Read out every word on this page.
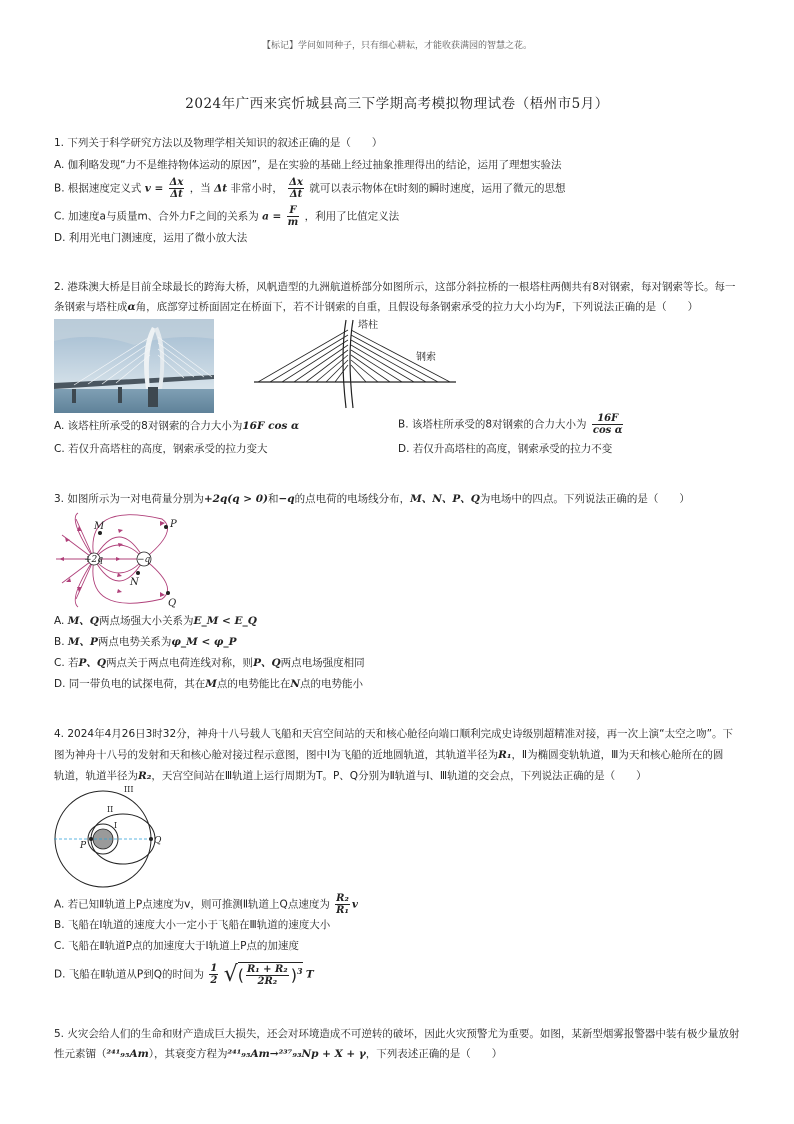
【标记】学问如同种子，只有细心耕耘，才能收获满园的智慧之花。
2024年广西来宾忻城县高三下学期高考模拟物理试卷（梧州市5月）
1. 下列关于科学研究方法以及物理学相关知识的叙述正确的是（　　）
A. 伽利略发现“力不是维持物体运动的原因”，是在实验的基础上经过抽象推理得出的结论，运用了理想实验法
B. 根据速度定义式 $v = \frac{\Delta x}{\Delta t}$ ，当 Δt 非常小时， $\frac{\Delta x}{\Delta t}$ 就可以表示物体在t时刻的瞬时速度，运用了微元的思想
C. 加速度a与质量m、合外力F之间的关系为 $a = \frac{F}{m}$ ，利用了比值定义法
D. 利用光电门测速度，运用了微小放大法
2. 港珠澳大桥是目前全球最长的跨海大桥，风帆造型的九洲航道桥部分如图所示，这部分斜拉桥的一根塔柱两侧共有8对钢索，每对钢索等长。每一
条钢索与塔柱成α角，底部穿过桥面固定在桥面下，若不计钢索的自重，且假设每条钢索承受的拉力大小均为F，下列说法正确的是（　　）
塔柱
钢索
A. 该塔柱所承受的8对钢索的合力大小为16F cos α	B. 该塔柱所承受的8对钢索的合力大小为 $\frac{16F}{\text{cos α}}$
C. 若仅升高塔柱的高度，钢索承受的拉力变大	D. 若仅升高塔柱的高度，钢索承受的拉力不变
3. 如图所示为一对电荷量分别为+2q(q > 0)和−q的点电荷的电场线分布，M、N、P、Q为电场中的四点。下列说法正确的是（　　）
+2q	−q
M
N
P
Q
A. M、Q两点场强大小关系为E_M < E_Q
B. M、P两点电势关系为φ_M < φ_P
C. 若P、Q两点关于两点电荷连线对称，则P、Q两点电场强度相同
D. 同一带负电的试探电荷，其在M点的电势能比在N点的电势能小
4. 2024年4月26日3时32分，神舟十八号载人飞船和天宫空间站的天和核心舱径向端口顺利完成史诗级别超精准对接，再一次上演“太空之吻”。下
图为神舟十八号的发射和天和核心舱对接过程示意图，图中Ⅰ为飞船的近地圆轨道，其轨道半径为R₁，Ⅱ为椭圆变轨轨道，Ⅲ为天和核心舱所在的圆
轨道，轨道半径为R₂，天宫空间站在Ⅲ轨道上运行周期为T。P、Q分别为Ⅱ轨道与Ⅰ、Ⅲ轨道的交会点，下列说法正确的是（　　）
III
II
I
P	Q
A. 若已知Ⅱ轨道上P点速度为v，则可推测Ⅱ轨道上Q点速度为 $\frac{\text{R₂}}{\text{R₁}}$ v
B. 飞船在Ⅰ轨道的速度大小一定小于飞船在Ⅲ轨道的速度大小
C. 飞船在Ⅱ轨道P点的加速度大于Ⅰ轨道上P点的加速度
D. 飞船在Ⅱ轨道从P到Q的时间为 $\frac{1}{2}$ √( $\frac{\text{R₁ + R₂}}{\text{2R₂}} )^3$ T
5. 火灾会给人们的生命和财产造成巨大损失，还会对环境造成不可逆转的破坏，因此火灾预警尤为重要。如图，某新型烟雾报警器中装有极少量放射
性元素镅（²⁴¹₉₅Am），其衰变方程为²⁴¹₉₅Am→²³⁷₉₃Np + X + γ，下列表述正确的是（　　）
